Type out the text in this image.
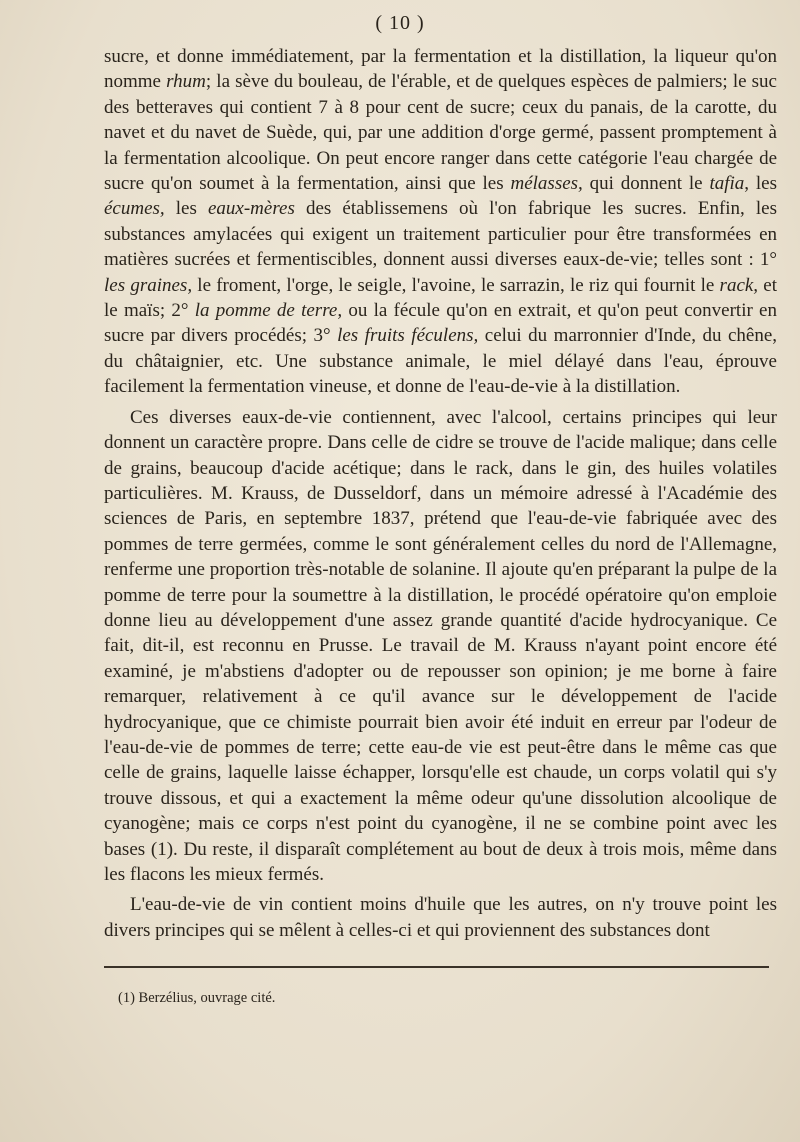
( 10 )

sucre, et donne immédiatement, par la fermentation et la distillation, la liqueur qu'on nomme rhum; la sève du bouleau, de l'érable, et de quelques espèces de palmiers; le suc des betteraves qui contient 7 à 8 pour cent de sucre; ceux du panais, de la carotte, du navet et du navet de Suède, qui, par une addition d'orge germé, passent promptement à la fermentation alcoolique. On peut encore ranger dans cette catégorie l'eau chargée de sucre qu'on soumet à la fermentation, ainsi que les mélasses, qui donnent le tafia, les écumes, les eaux-mères des établissemens où l'on fabrique les sucres. Enfin, les substances amylacées qui exigent un traitement particulier pour être transformées en matières sucrées et fermentiscibles, donnent aussi diverses eaux-de-vie; telles sont : 1° les graines, le froment, l'orge, le seigle, l'avoine, le sarrazin, le riz qui fournit le rack, et le maïs; 2° la pomme de terre, ou la fécule qu'on en extrait, et qu'on peut convertir en sucre par divers procédés; 3° les fruits féculens, celui du marronnier d'Inde, du chêne, du châtaignier, etc. Une substance animale, le miel délayé dans l'eau, éprouve facilement la fermentation vineuse, et donne de l'eau-de-vie à la distillation.

Ces diverses eaux-de-vie contiennent, avec l'alcool, certains principes qui leur donnent un caractère propre. Dans celle de cidre se trouve de l'acide malique; dans celle de grains, beaucoup d'acide acétique; dans le rack, dans le gin, des huiles volatiles particulières. M. Krauss, de Dusseldorf, dans un mémoire adressé à l'Académie des sciences de Paris, en septembre 1837, prétend que l'eau-de-vie fabriquée avec des pommes de terre germées, comme le sont généralement celles du nord de l'Allemagne, renferme une proportion très-notable de solanine. Il ajoute qu'en préparant la pulpe de la pomme de terre pour la soumettre à la distillation, le procédé opératoire qu'on emploie donne lieu au développement d'une assez grande quantité d'acide hydrocyanique. Ce fait, dit-il, est reconnu en Prusse. Le travail de M. Krauss n'ayant point encore été examiné, je m'abstiens d'adopter ou de repousser son opinion; je me borne à faire remarquer, relativement à ce qu'il avance sur le développement de l'acide hydrocyanique, que ce chimiste pourrait bien avoir été induit en erreur par l'odeur de l'eau-de-vie de pommes de terre; cette eau-de vie est peut-être dans le même cas que celle de grains, laquelle laisse échapper, lorsqu'elle est chaude, un corps volatil qui s'y trouve dissous, et qui a exactement la même odeur qu'une dissolution alcoolique de cyanogène; mais ce corps n'est point du cyanogène, il ne se combine point avec les bases (1). Du reste, il disparaît complétement au bout de deux à trois mois, même dans les flacons les mieux fermés.

L'eau-de-vie de vin contient moins d'huile que les autres, on n'y trouve point les divers principes qui se mêlent à celles-ci et qui proviennent des substances dont

(1) Berzélius, ouvrage cité.
